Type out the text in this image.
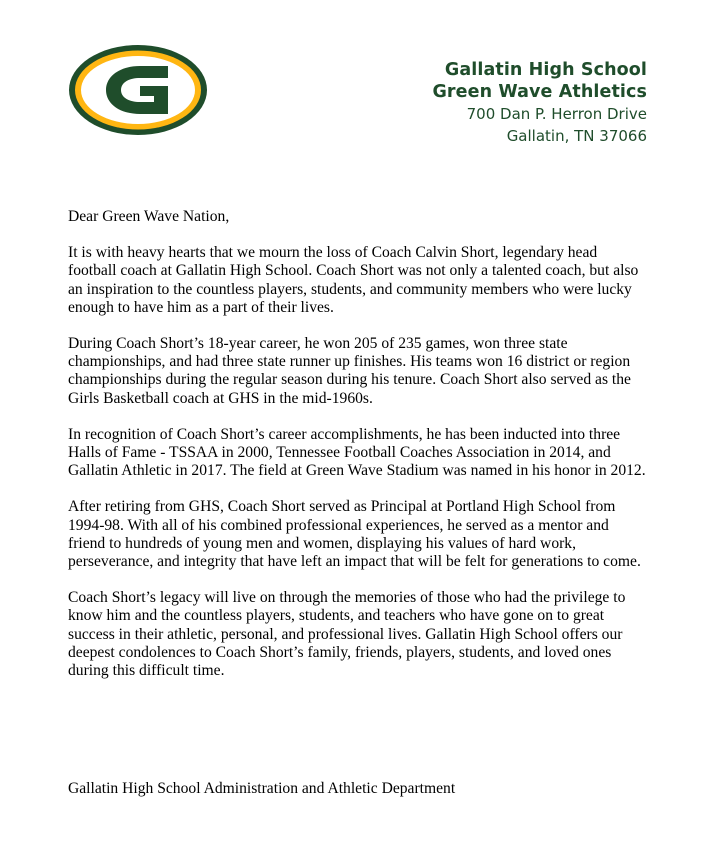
Gallatin High School
Green Wave Athletics
700 Dan P. Herron Drive
Gallatin, TN 37066

Dear Green Wave Nation,

It is with heavy hearts that we mourn the loss of Coach Calvin Short, legendary head football coach at Gallatin High School. Coach Short was not only a talented coach, but also an inspiration to the countless players, students, and community members who were lucky enough to have him as a part of their lives.

During Coach Short’s 18-year career, he won 205 of 235 games, won three state championships, and had three state runner up finishes. His teams won 16 district or region championships during the regular season during his tenure. Coach Short also served as the Girls Basketball coach at GHS in the mid-1960s.

In recognition of Coach Short’s career accomplishments, he has been inducted into three Halls of Fame - TSSAA in 2000, Tennessee Football Coaches Association in 2014, and Gallatin Athletic in 2017. The field at Green Wave Stadium was named in his honor in 2012.

After retiring from GHS, Coach Short served as Principal at Portland High School from 1994-98. With all of his combined professional experiences, he served as a mentor and friend to hundreds of young men and women, displaying his values of hard work, perseverance, and integrity that have left an impact that will be felt for generations to come.

Coach Short’s legacy will live on through the memories of those who had the privilege to know him and the countless players, students, and teachers who have gone on to great success in their athletic, personal, and professional lives. Gallatin High School offers our deepest condolences to Coach Short’s family, friends, players, students, and loved ones during this difficult time.

Gallatin High School Administration and Athletic Department
